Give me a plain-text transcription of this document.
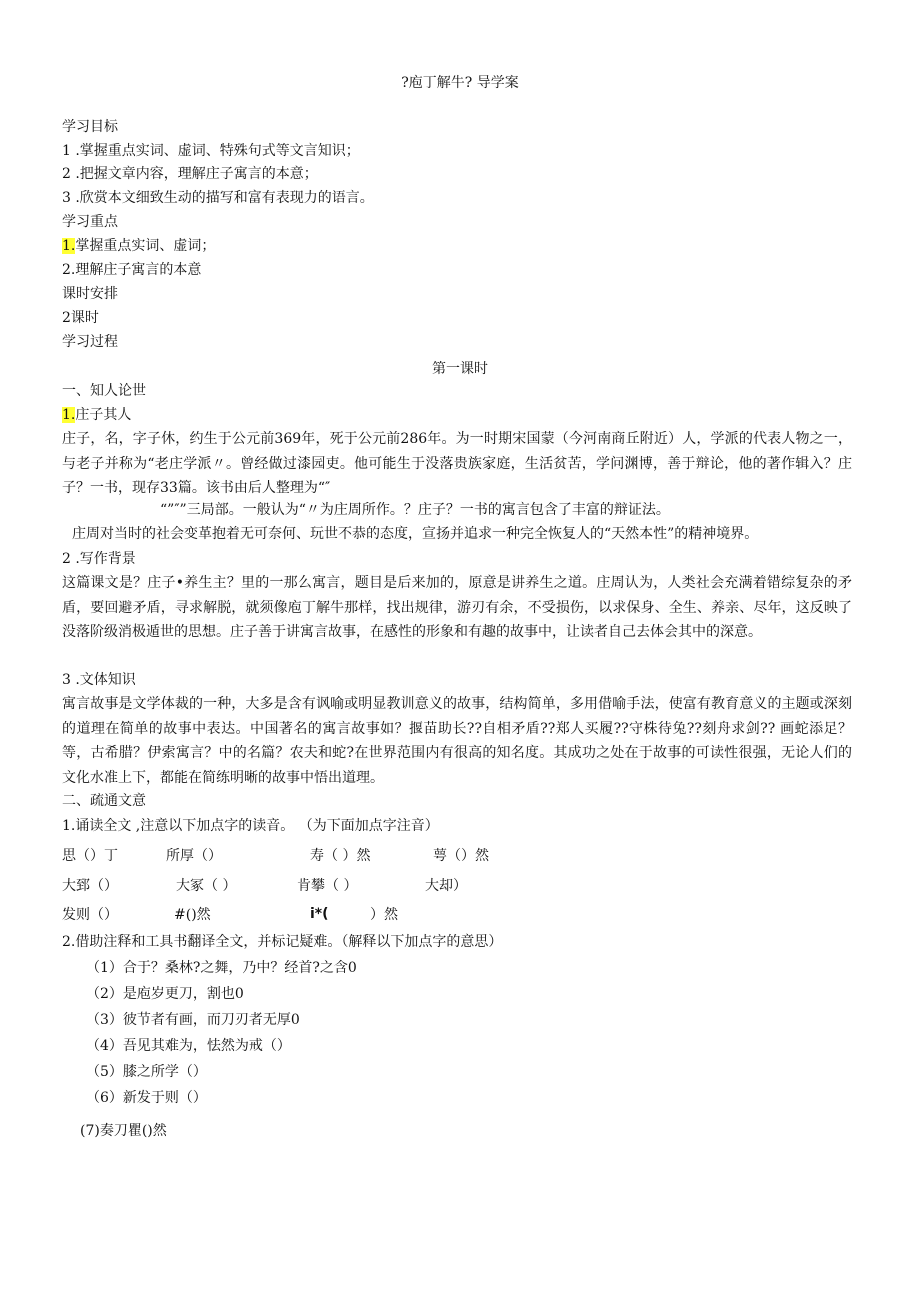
?庖丁解牛? 导学案
学习目标
1 .掌握重点实词、虚词、特殊句式等文言知识；
2 .把握文章内容，理解庄子寓言的本意；
3 .欣赏本文细致生动的描写和富有表现力的语言。
学习重点
1.掌握重点实词、虚词；
2.理解庄子寓言的本意
课时安排
2课时
学习过程
第一课时
一、知人论世
1.庄子其人
庄子，名，字子休，约生于公元前369年，死于公元前286年。为一时期宋国蒙（今河南商丘附近）人，学派的代表人物之一，与老子并称为“老庄学派〃。曾经做过漆园吏。他可能生于没落贵族家庭，生活贫苦，学问渊博，善于辩论，他的著作辑入？庄子？一书，现存33篇。该书由后人整理为“″
“”″”三局部。一般认为“〃为庄周所作。？庄子？一书的寓言包含了丰富的辩证法。
庄周对当时的社会变革抱着无可奈何、玩世不恭的态度，宣扬并追求一种完全恢复人的“天然本性”的精神境界。
2 .写作背景
这篇课文是？庄子•养生主？里的一那么寓言，题目是后来加的，原意是讲养生之道。庄周认为，人类社会充满着错综复杂的矛盾，要回避矛盾，寻求解脱，就须像庖丁解牛那样，找出规律，游刃有余，不受损伤，以求保身、全生、养亲、尽年，这反映了没落阶级消极遁世的思想。庄子善于讲寓言故事，在感性的形象和有趣的故事中，让读者自己去体会其中的深意。
3 .文体知识
寓言故事是文学体裁的一种，大多是含有讽喻或明显教训意义的故事，结构简单，多用借喻手法，使富有教育意义的主题或深刻的道理在简单的故事中表达。中国著名的寓言故事如？揠苗助长??自相矛盾??郑人买履??守株待兔??刻舟求剑?? 画蛇添足？等，古希腊？伊索寓言？中的名篇？农夫和蛇?在世界范围内有很高的知名度。其成功之处在于故事的可读性很强，无论人们的文化水准上下，都能在简练明晰的故事中悟出道理。
二、疏通文意
1.诵读全文 ,注意以下加点字的读音。 （为下面加点字注音）
思（）丁	所厚（）	寿（ ）然	萼（）然
大郅（）	大冢（ ）	肯攀（ ）	大却）
发则（）	#()然	i*(	）然
2.借助注释和工具书翻译全文，并标记疑难。（解释以下加点字的意思）
（1）合于？桑林?之舞，乃中？经首?之含0
（2）是庖岁更刀，割也0
（3）彼节者有画，而刀刃者无厚0
（4）吾见其难为，怯然为戒（）
（5）膝之所学（）
（6）新发于则（）
(7)奏刀瞿()然
